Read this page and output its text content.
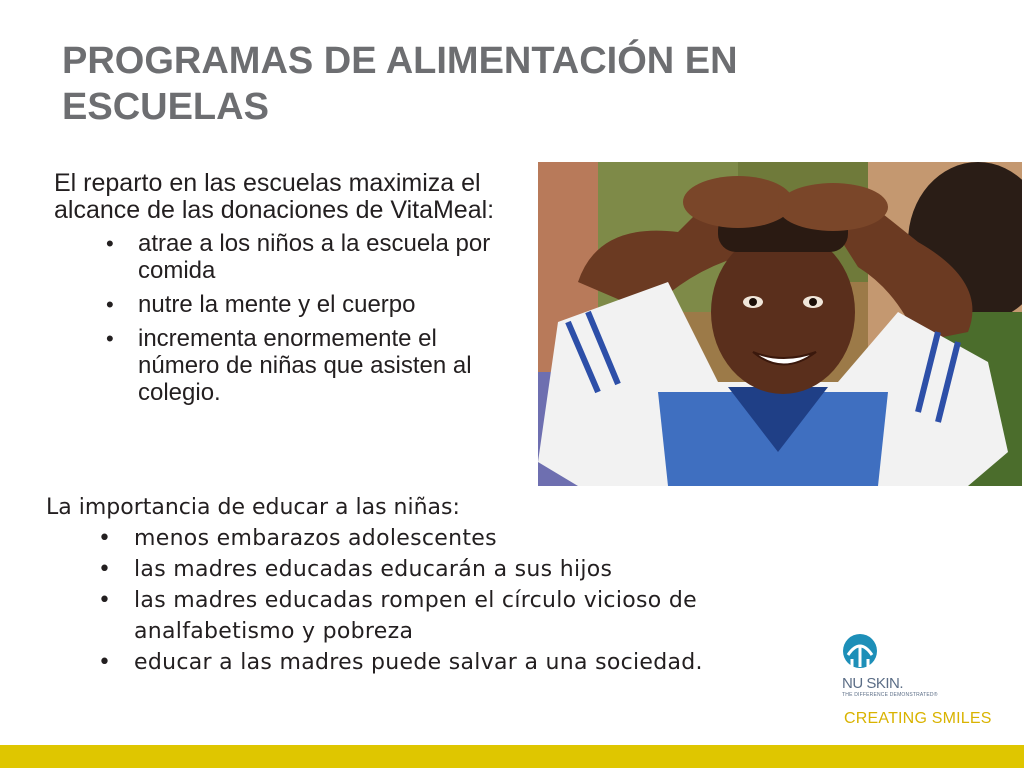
PROGRAMAS DE ALIMENTACIÓN EN ESCUELAS

El reparto en las escuelas maximiza el alcance de las donaciones de VitaMeal:

• atrae a los niños a la escuela por comida
• nutre la mente y el cuerpo
• incrementa enormemente el número de niñas que asisten al colegio.

La importancia de educar a las niñas:

• menos embarazos adolescentes
• las madres educadas educarán a sus hijos
• las madres educadas rompen el círculo vicioso de analfabetismo y pobreza
• educar a las madres puede salvar a una sociedad.
NU SKIN.
THE DIFFERENCE DEMONSTRATED®
CREATING SMILES
